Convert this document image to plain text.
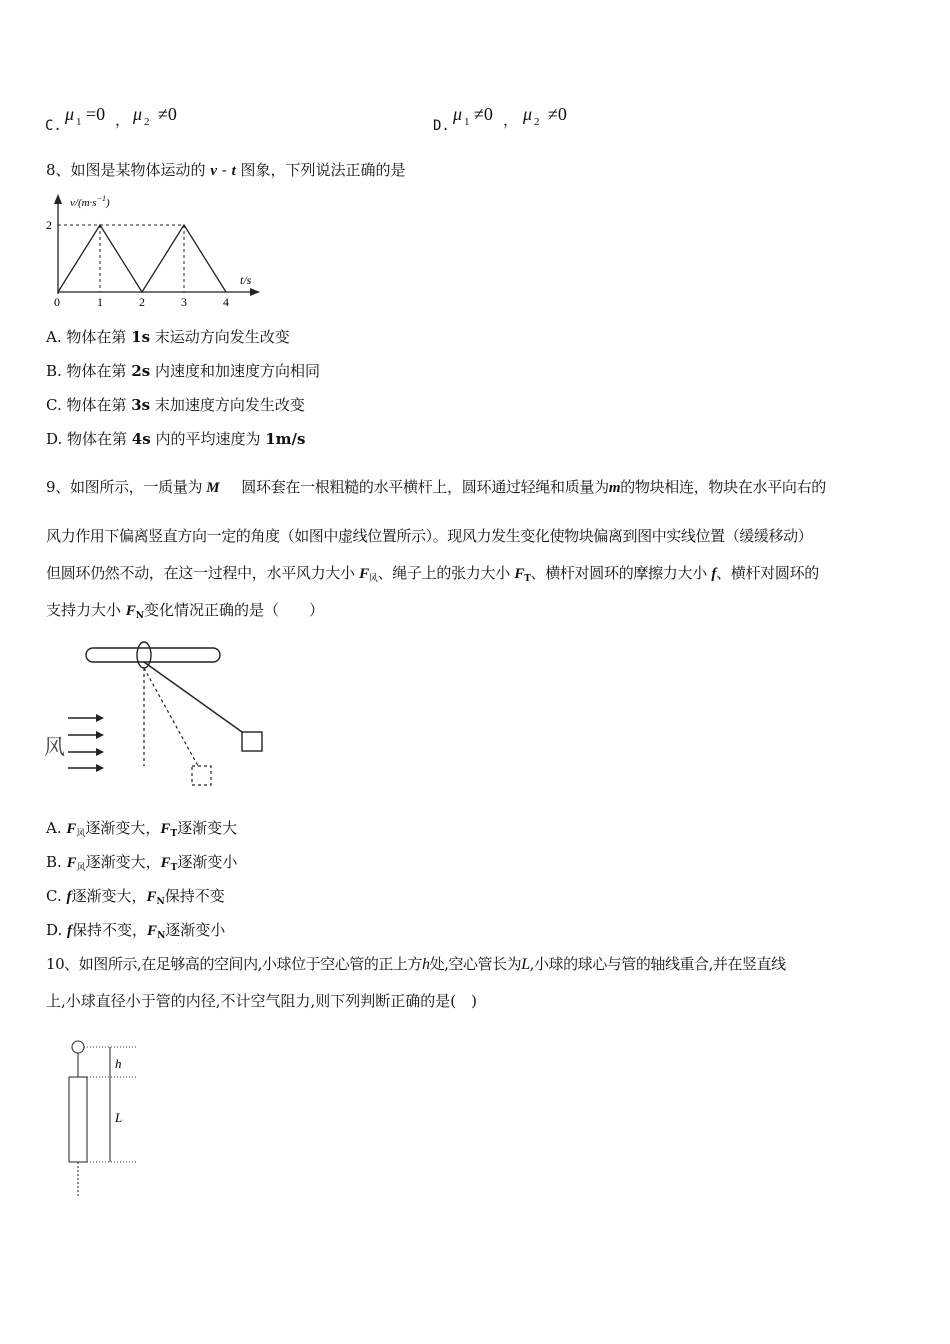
C.
μ 1 =0 ， μ 2 ≠0
D.
μ 1 ≠0 ， μ 2 ≠0
8、如图是某物体运动的 v - t 图象，下列说法正确的是
$v/(m\cdot s^{-1})$
t/s
2
0	1	2	3	4
A. 物体在第 1s 末运动方向发生改变
B. 物体在第 2s 内速度和加速度方向相同
C. 物体在第 3s 末加速度方向发生改变
D. 物体在第 4s 内的平均速度为 1m/s
9、如图所示，一质量为 M 圆环套在一根粗糙的水平横杆上，圆环通过轻绳和质量为m的物块相连，物块在水平向右的
风力作用下偏离竖直方向一定的角度（如图中虚线位置所示）。现风力发生变化使物块偏离到图中实线位置（缓缓移动）
但圆环仍然不动，在这一过程中，水平风力大小 $F_风$、绳子上的张力大小 $F_T$、横杆对圆环的摩擦力大小 f、横杆对圆环的
支持力大小 $F_N$变化情况正确的是（　　）
风
A. $F_风$逐渐变大，$F_T$逐渐变大
B. $F_风$逐渐变大，$F_T$逐渐变小
C. f逐渐变大，$F_N$保持不变
D. f保持不变，$F_N$逐渐变小
10、如图所示,在足够高的空间内,小球位于空心管的正上方h处,空心管长为L,小球的球心与管的轴线重合,并在竖直线
上,小球直径小于管的内径,不计空气阻力,则下列判断正确的是(　)
h
L
